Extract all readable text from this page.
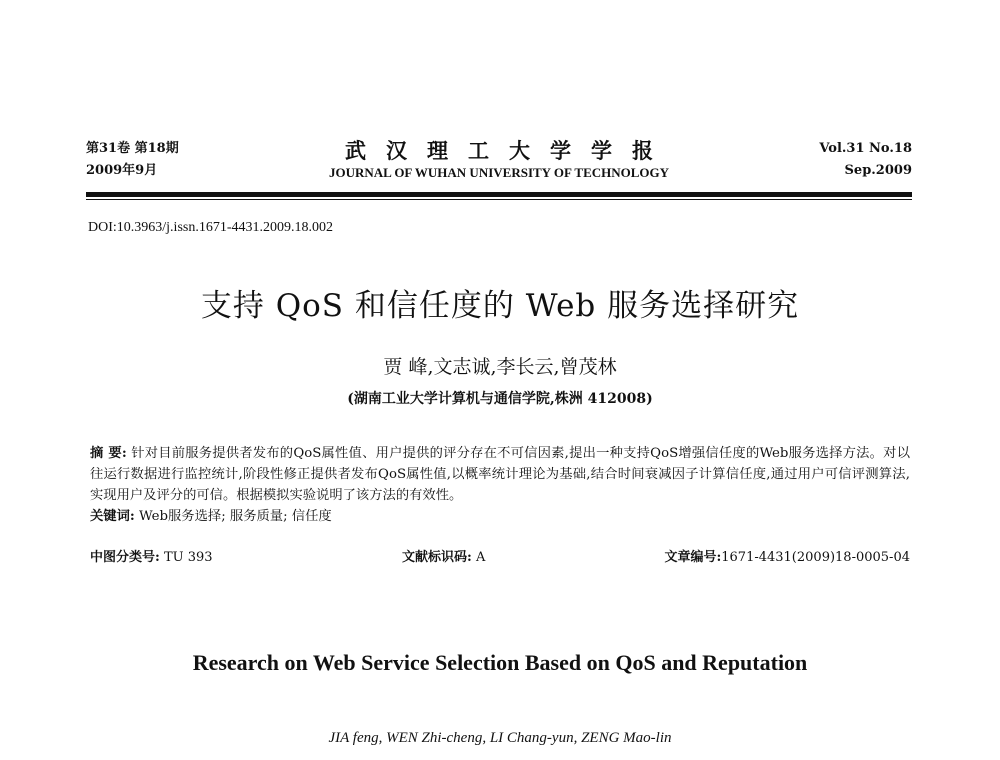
第31卷 第18期
2009年9月
武汉理工大学学报
JOURNAL OF WUHAN UNIVERSITY OF TECHNOLOGY
Vol.31 No.18
Sep.2009
DOI:10.3963/j.issn.1671-4431.2009.18.002
支持 QoS 和信任度的 Web 服务选择研究
贾 峰,文志诚,李长云,曾茂林
(湖南工业大学计算机与通信学院,株洲 412008)
摘 要: 针对目前服务提供者发布的QoS属性值、用户提供的评分存在不可信因素,提出一种支持QoS增强信任度的Web服务选择方法。对以往运行数据进行监控统计,阶段性修正提供者发布QoS属性值,以概率统计理论为基础,结合时间衰减因子计算信任度,通过用户可信评测算法,实现用户及评分的可信。根据模拟实验说明了该方法的有效性。
关键词: Web服务选择; 服务质量; 信任度
中图分类号: TU 393	文献标识码: A	文章编号:1671-4431(2009)18-0005-04
Research on Web Service Selection Based on QoS and Reputation
JIA feng, WEN Zhi-cheng, LI Chang-yun, ZENG Mao-lin
